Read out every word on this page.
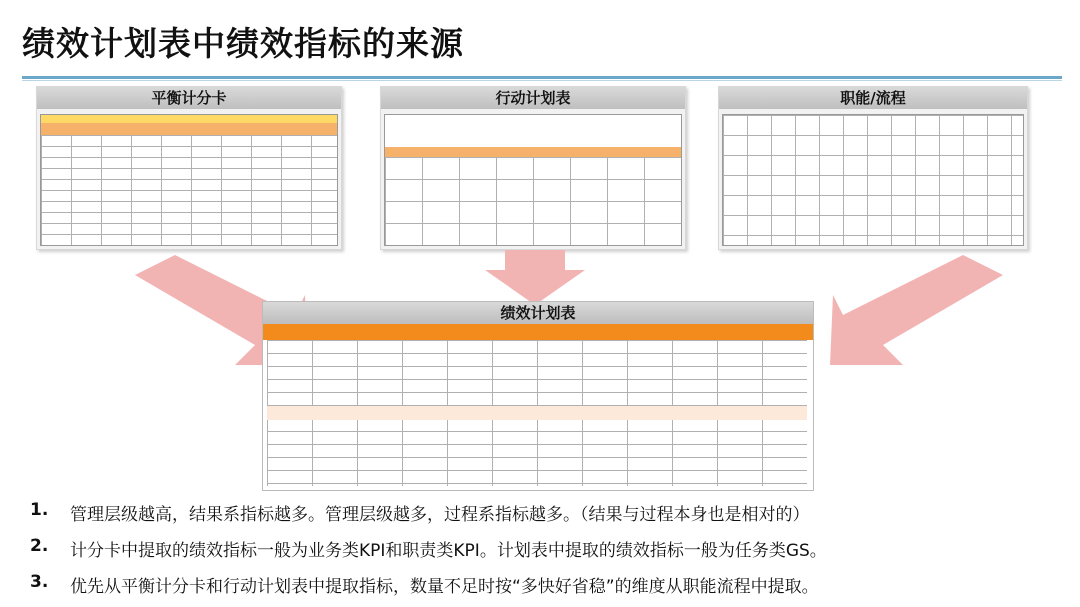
绩效计划表中绩效指标的来源
平衡计分卡	行动计划表	职能/流程
绩效计划表
1. 管理层级越高，结果系指标越多。管理层级越多，过程系指标越多。（结果与过程本身也是相对的）
2. 计分卡中提取的绩效指标一般为业务类KPI和职责类KPI。计划表中提取的绩效指标一般为任务类GS。
3. 优先从平衡计分卡和行动计划表中提取指标，数量不足时按“多快好省稳”的维度从职能流程中提取。
